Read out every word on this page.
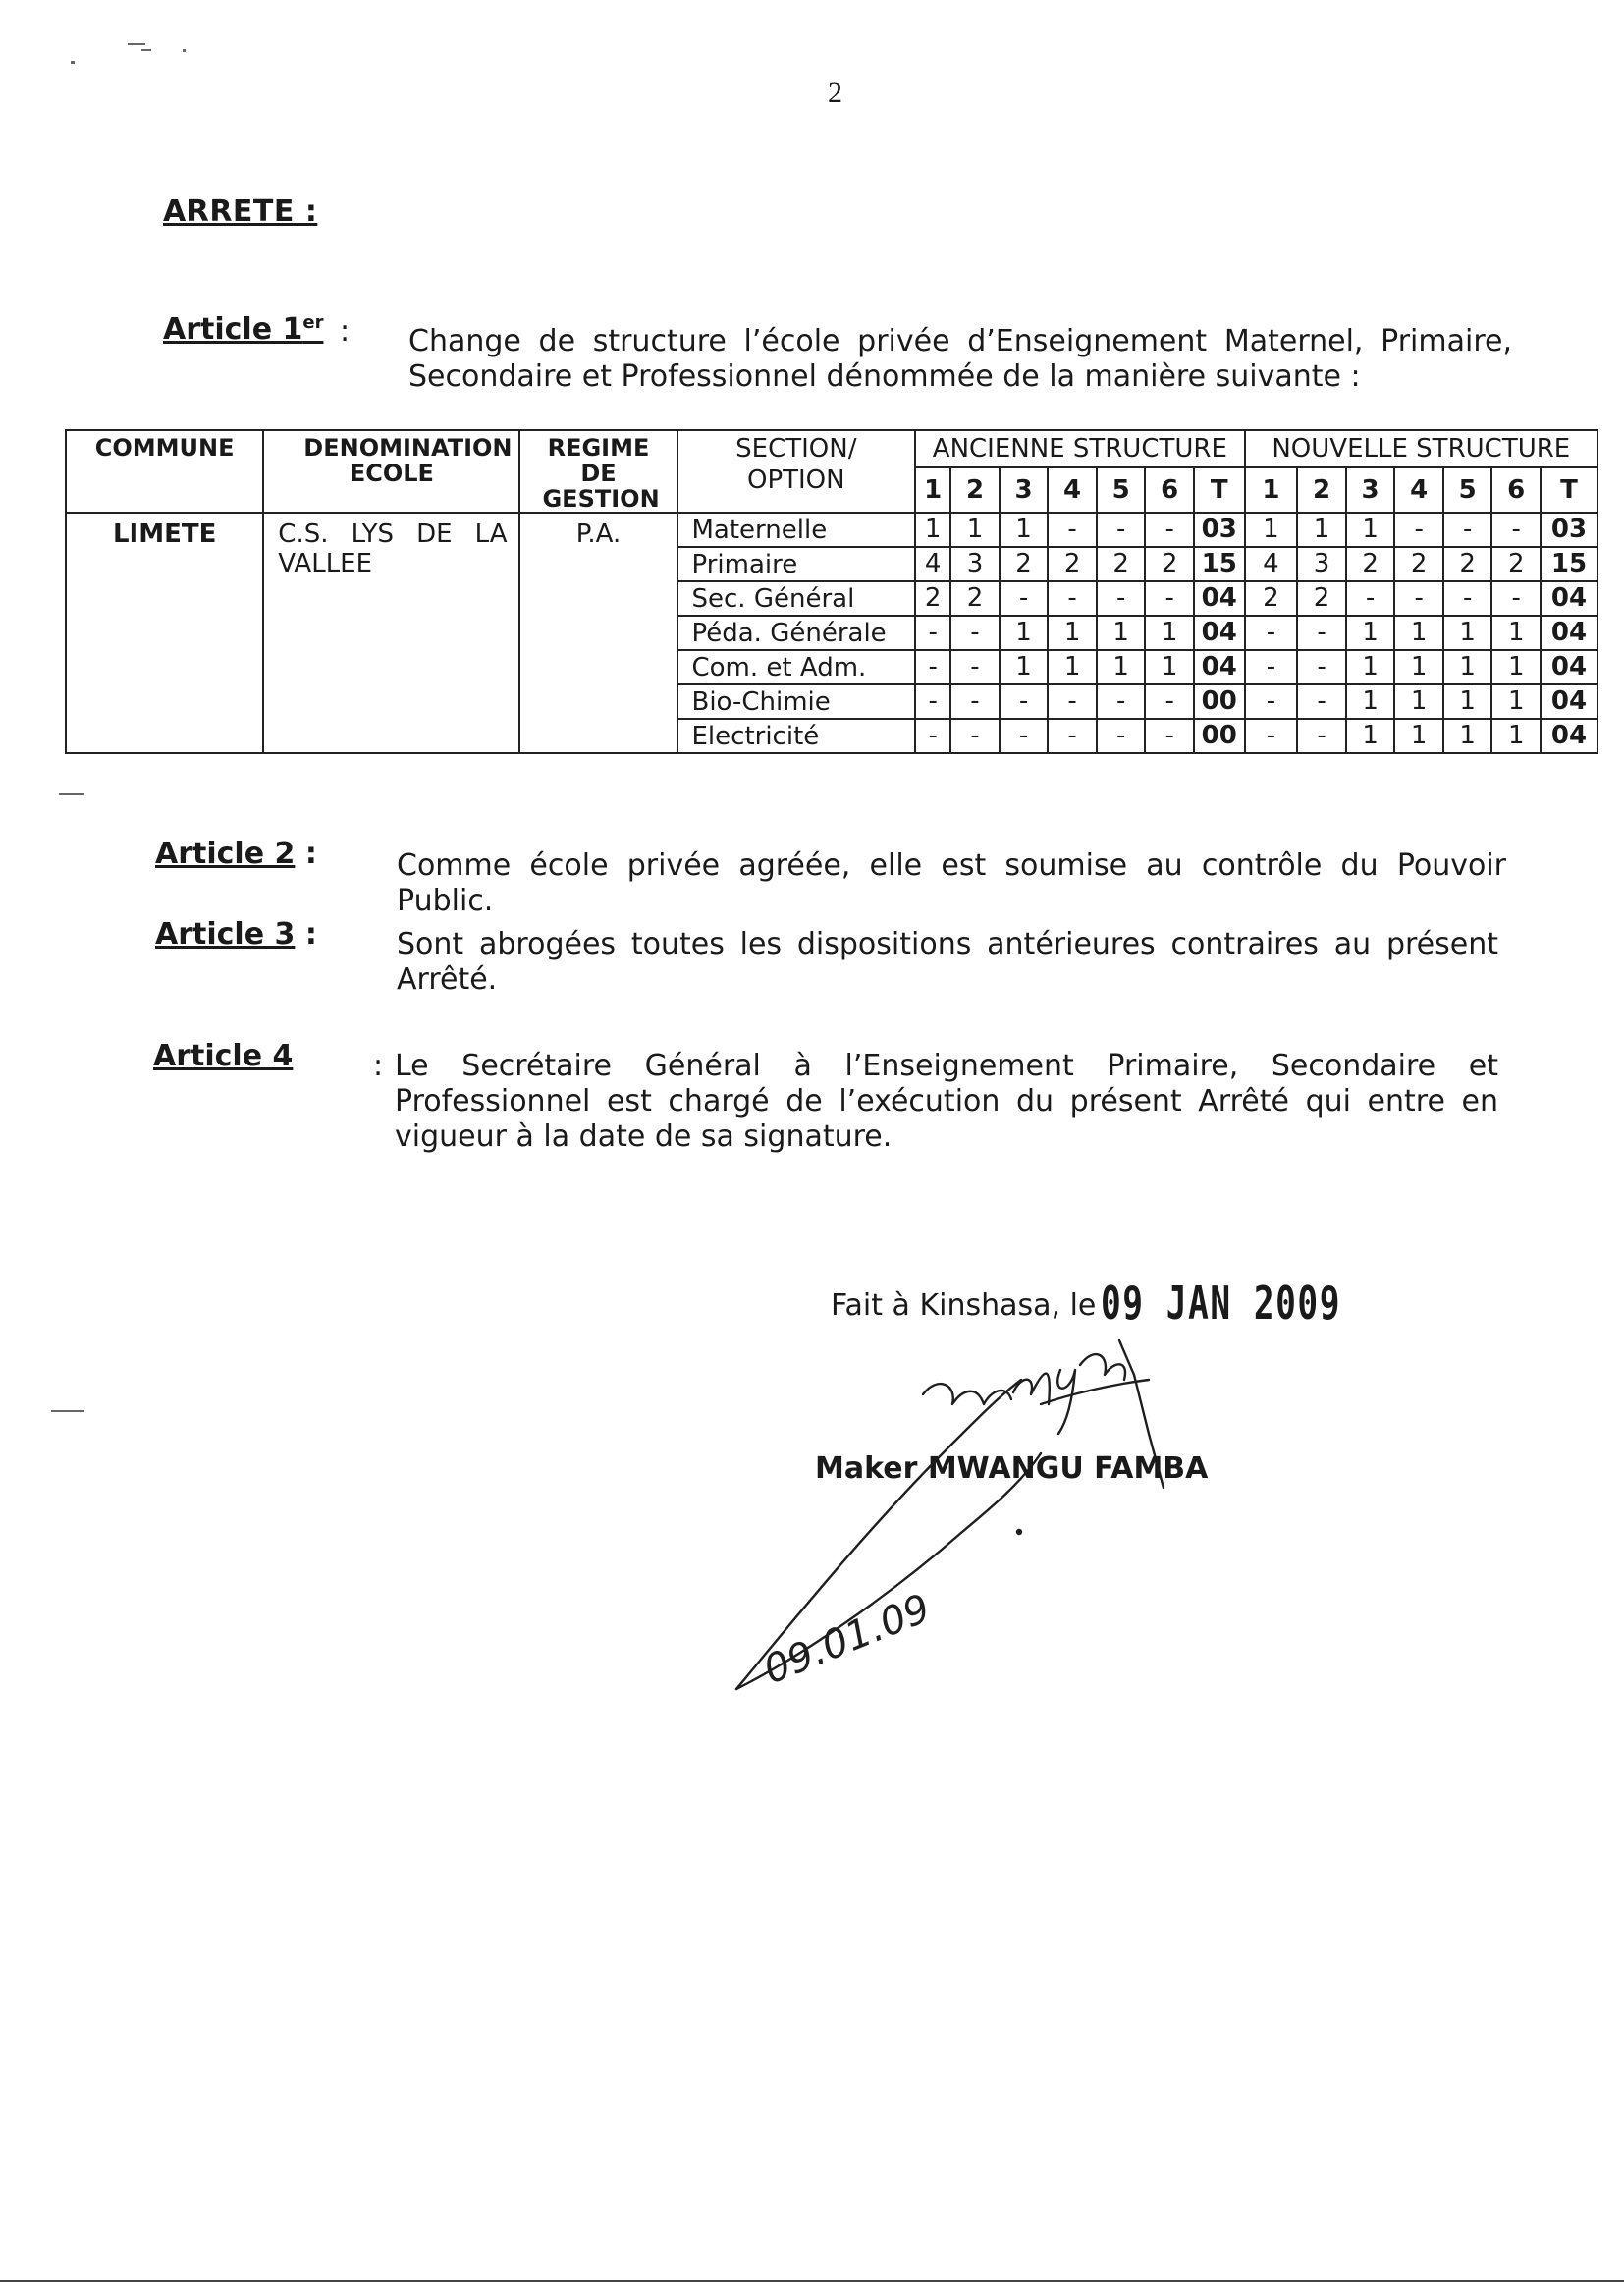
2
ARRETE :
Article 1er : Change de structure l’école privée d’Enseignement Maternel, Primaire, Secondaire et Professionnel dénommée de la manière suivante :
COMMUNE	DENOMINATION ECOLE	REGIME DE GESTION	SECTION/ OPTION	ANCIENNE STRUCTURE							NOUVELLE STRUCTURE						
				1	2	3	4	5	6	T	1	2	3	4	5	6	T
LIMETE	C.S. LYS DE LA VALLEE	P.A.	Maternelle	1	1	1	-	-	-	03	1	1	1	-	-	-	03
			Primaire	4	3	2	2	2	2	15	4	3	2	2	2	2	15
			Sec. Général	2	2	-	-	-	-	04	2	2	-	-	-	-	04
			Péda. Générale	-	-	1	1	1	1	04	-	-	1	1	1	1	04
			Com. et Adm.	-	-	1	1	1	1	04	-	-	1	1	1	1	04
			Bio-Chimie	-	-	-	-	-	-	00	-	-	1	1	1	1	04
			Electricité	-	-	-	-	-	-	00	-	-	1	1	1	1	04
Article 2 :	Comme école privée agréée, elle est soumise au contrôle du Pouvoir Public.
Article 3 :	Sont abrogées toutes les dispositions antérieures contraires au présent Arrêté.
Article 4	: Le Secrétaire Général à l’Enseignement Primaire, Secondaire et Professionnel est chargé de l’exécution du présent Arrêté qui entre en vigueur à la date de sa signature.
Fait à Kinshasa, le 09 JAN 2009
09.01.09
Maker MWANGU FAMBA
